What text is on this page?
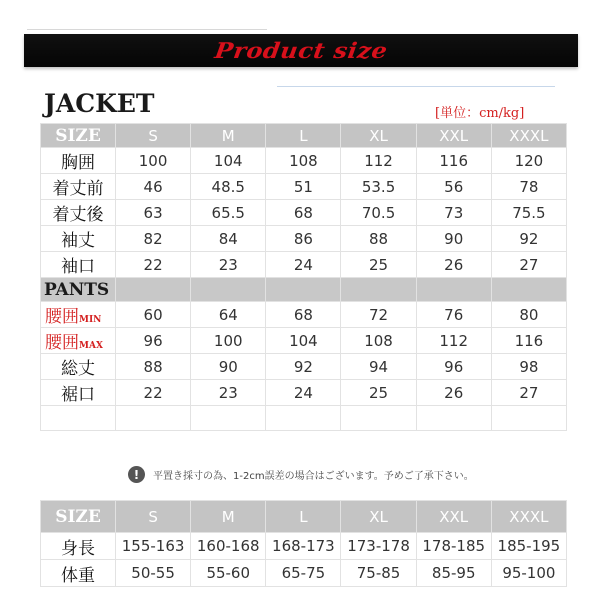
Product size
JACKET	[単位：cm/kg]
SIZE	S	M	L	XL	XXL	XXXL
胸囲	100	104	108	112	116	120
着丈前	46	48.5	51	53.5	56	78
着丈後	63	65.5	68	70.5	73	75.5
袖丈	82	84	86	88	90	92
袖口	22	23	24	25	26	27
PANTS						
腰囲MIN	60	64	68	72	76	80
腰囲MAX	96	100	104	108	112	116
総丈	88	90	92	94	96	98
裾口	22	23	24	25	26	27

!	平置き採寸の為、1-2cm誤差の場合はございます。予めご了承下さい。
SIZE	S	M	L	XL	XXL	XXXL
身長	155-163	160-168	168-173	173-178	178-185	185-195
体重	50-55	55-60	65-75	75-85	85-95	95-100
